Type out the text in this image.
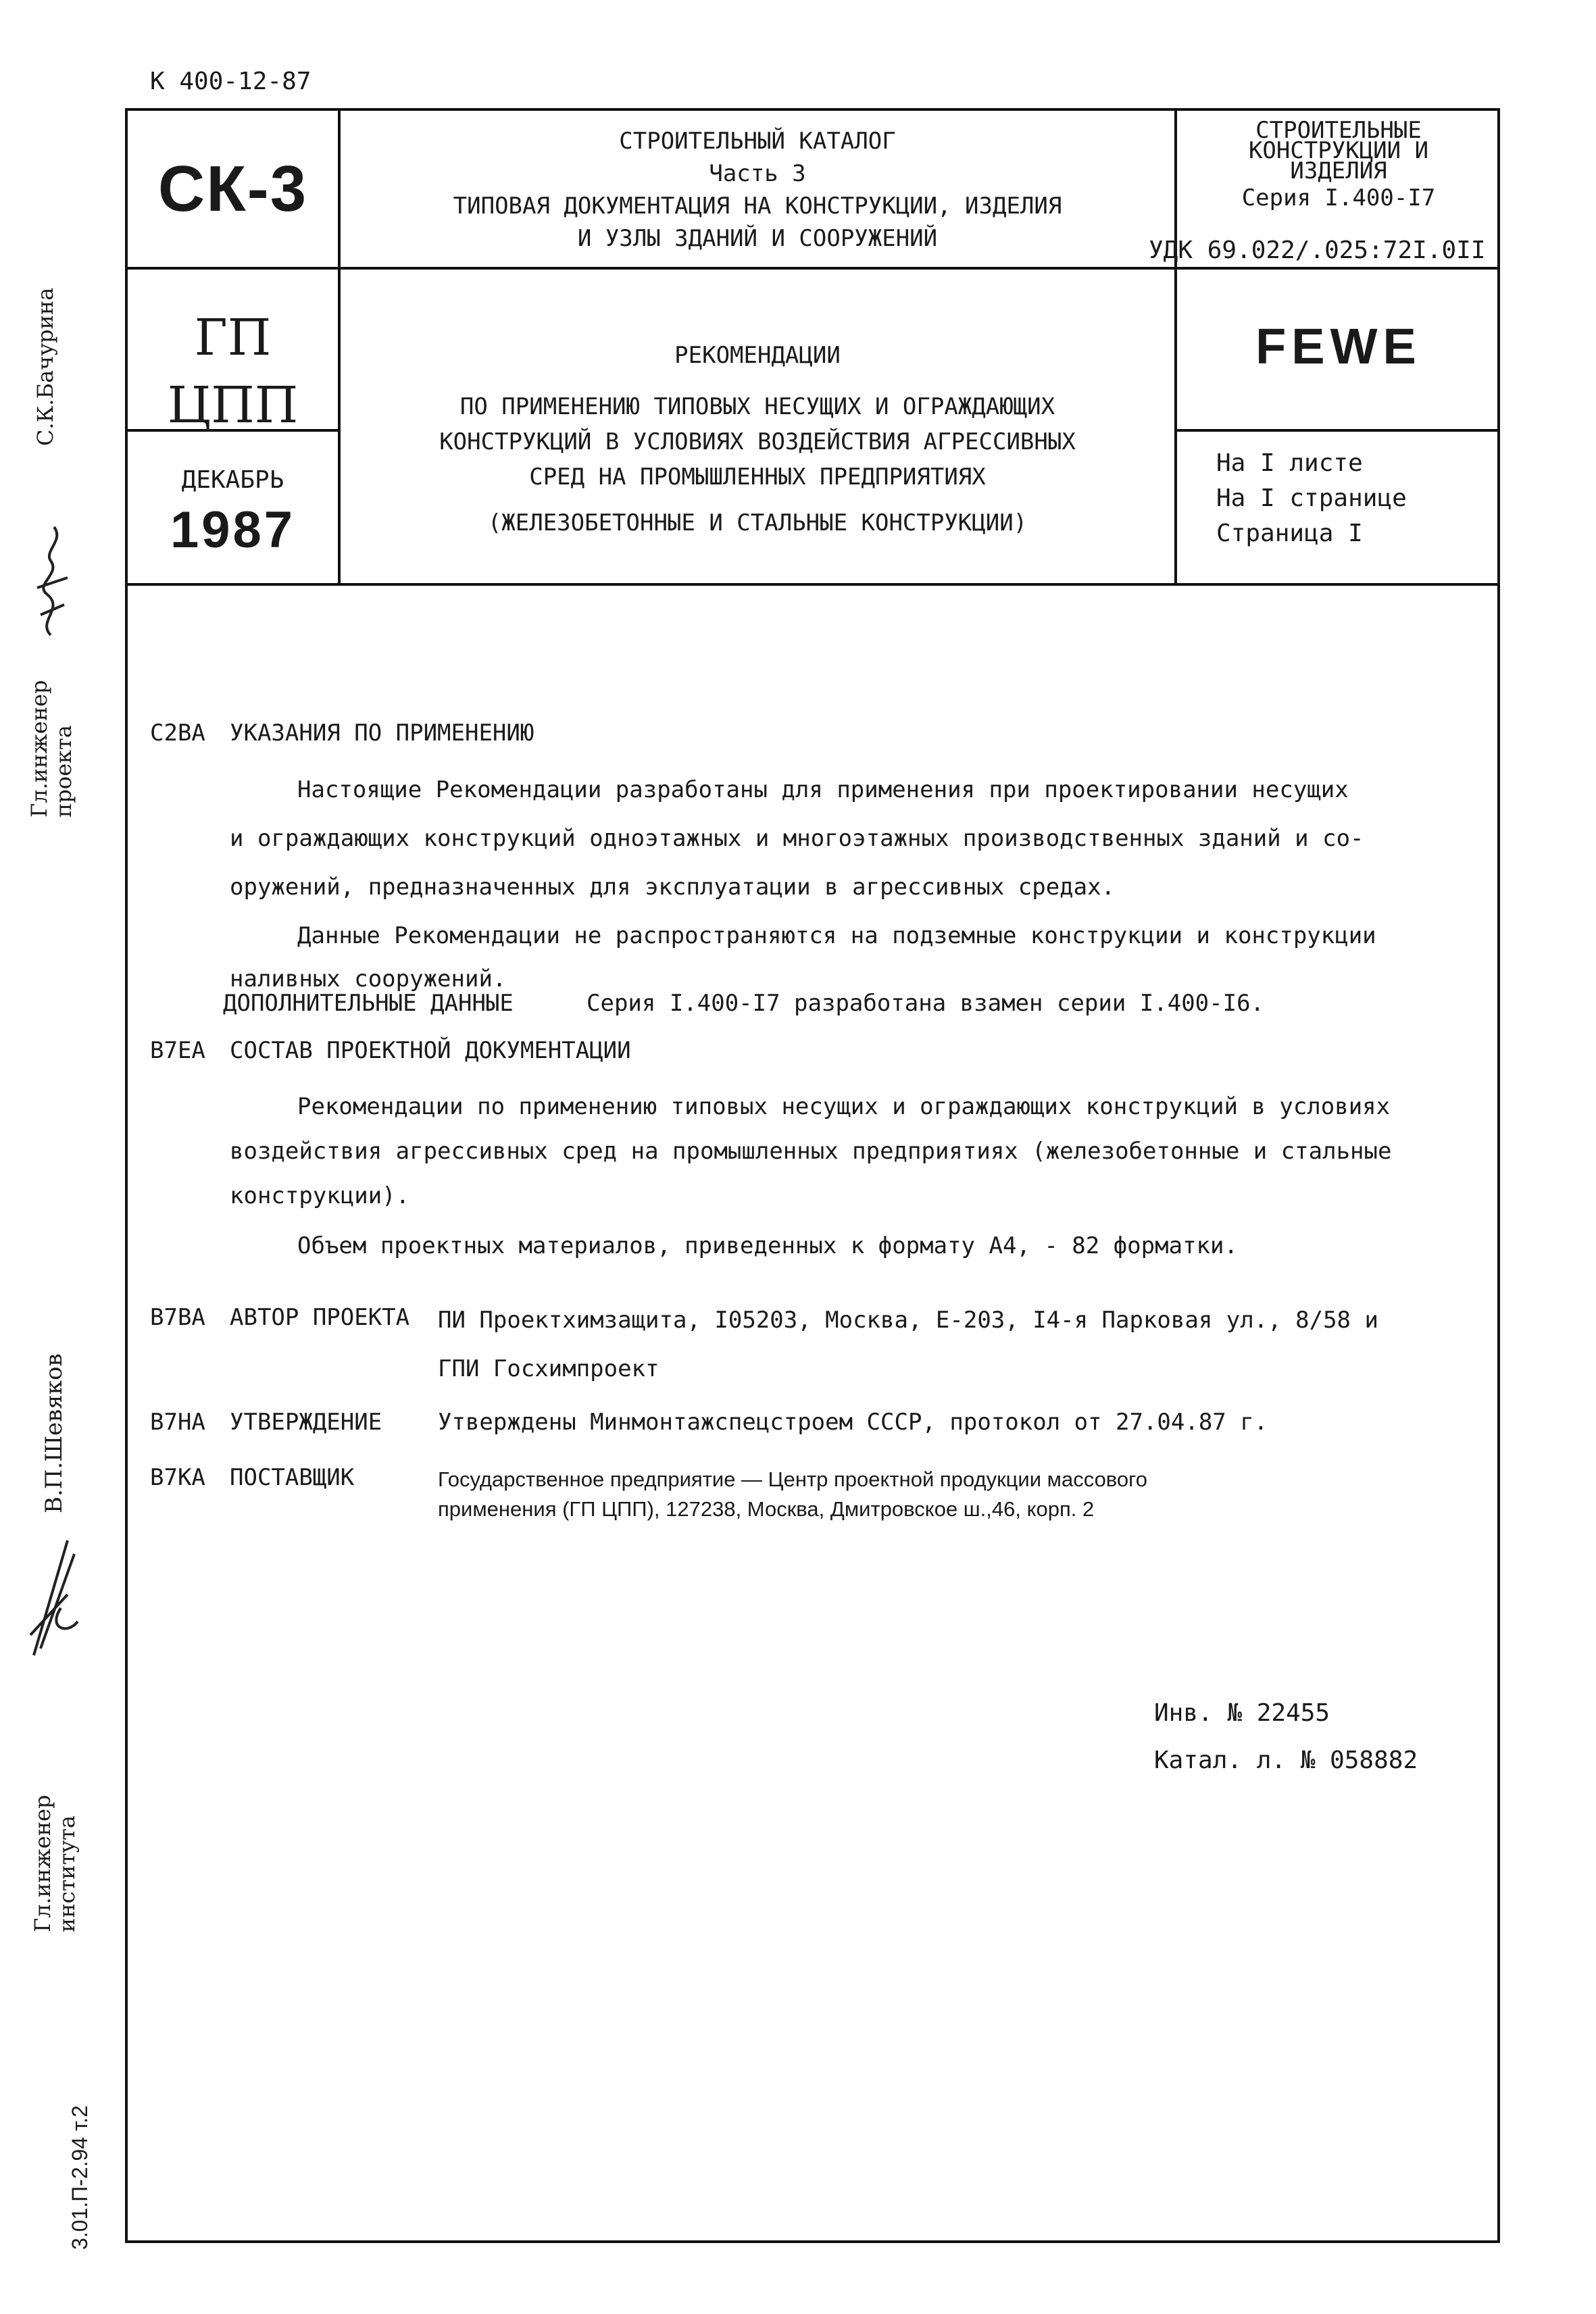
К 400-12-87
СК-3
СТРОИТЕЛЬНЫЙ КАТАЛОГ
Часть 3
ТИПОВАЯ ДОКУМЕНТАЦИЯ НА КОНСТРУКЦИИ, ИЗДЕЛИЯ
И УЗЛЫ ЗДАНИЙ И СООРУЖЕНИЙ
СТРОИТЕЛЬНЫЕ
КОНСТРУКЦИИ И
ИЗДЕЛИЯ
Серия I.400-I7
УДК 69.022/.025:72I.0II
ГП
ЦПП
ДЕКАБРЬ
1987
РЕКОМЕНДАЦИИ
ПО ПРИМЕНЕНИЮ ТИПОВЫХ НЕСУЩИХ И ОГРАЖДАЮЩИХ
КОНСТРУКЦИЙ В УСЛОВИЯХ ВОЗДЕЙСТВИЯ АГРЕССИВНЫХ
СРЕД НА ПРОМЫШЛЕННЫХ ПРЕДПРИЯТИЯХ
(ЖЕЛЕЗОБЕТОННЫЕ И СТАЛЬНЫЕ КОНСТРУКЦИИ)
FEWE
На I листе
На I странице
Страница I
С.К.Бачурина
Гл.инженер
проекта
В.П.Шевяков
Гл.инженер
института
3.01.П-2.94 т.2
С2ВА УКАЗАНИЯ ПО ПРИМЕНЕНИЮ
Настоящие Рекомендации разработаны для применения при проектировании несущих
и ограждающих конструкций одноэтажных и многоэтажных производственных зданий и со-
оружений, предназначенных для эксплуатации в агрессивных средах.
Данные Рекомендации не распространяются на подземные конструкции и конструкции
наливных сооружений.
ДОПОЛНИТЕЛЬНЫЕ ДАННЫЕ	Серия I.400-I7 разработана взамен серии I.400-I6.
В7ЕА СОСТАВ ПРОЕКТНОЙ ДОКУМЕНТАЦИИ
Рекомендации по применению типовых несущих и ограждающих конструкций в условиях
воздействия агрессивных сред на промышленных предприятиях (железобетонные и стальные
конструкции).
Объем проектных материалов, приведенных к формату А4, - 82 форматки.
В7ВА АВТОР ПРОЕКТА ПИ Проектхимзащита, I05203, Москва, Е-203, I4-я Парковая ул., 8/58 и
ГПИ Госхимпроект
В7НА УТВЕРЖДЕНИЕ Утверждены Минмонтажспецстроем СССР, протокол от 27.04.87 г.
В7КА ПОСТАВЩИК	Государственное предприятие — Центр проектной продукции массового
применения (ГП ЦПП), 127238, Москва, Дмитровское ш.,46, корп. 2
Инв. № 22455
Катал. л. № 058882
